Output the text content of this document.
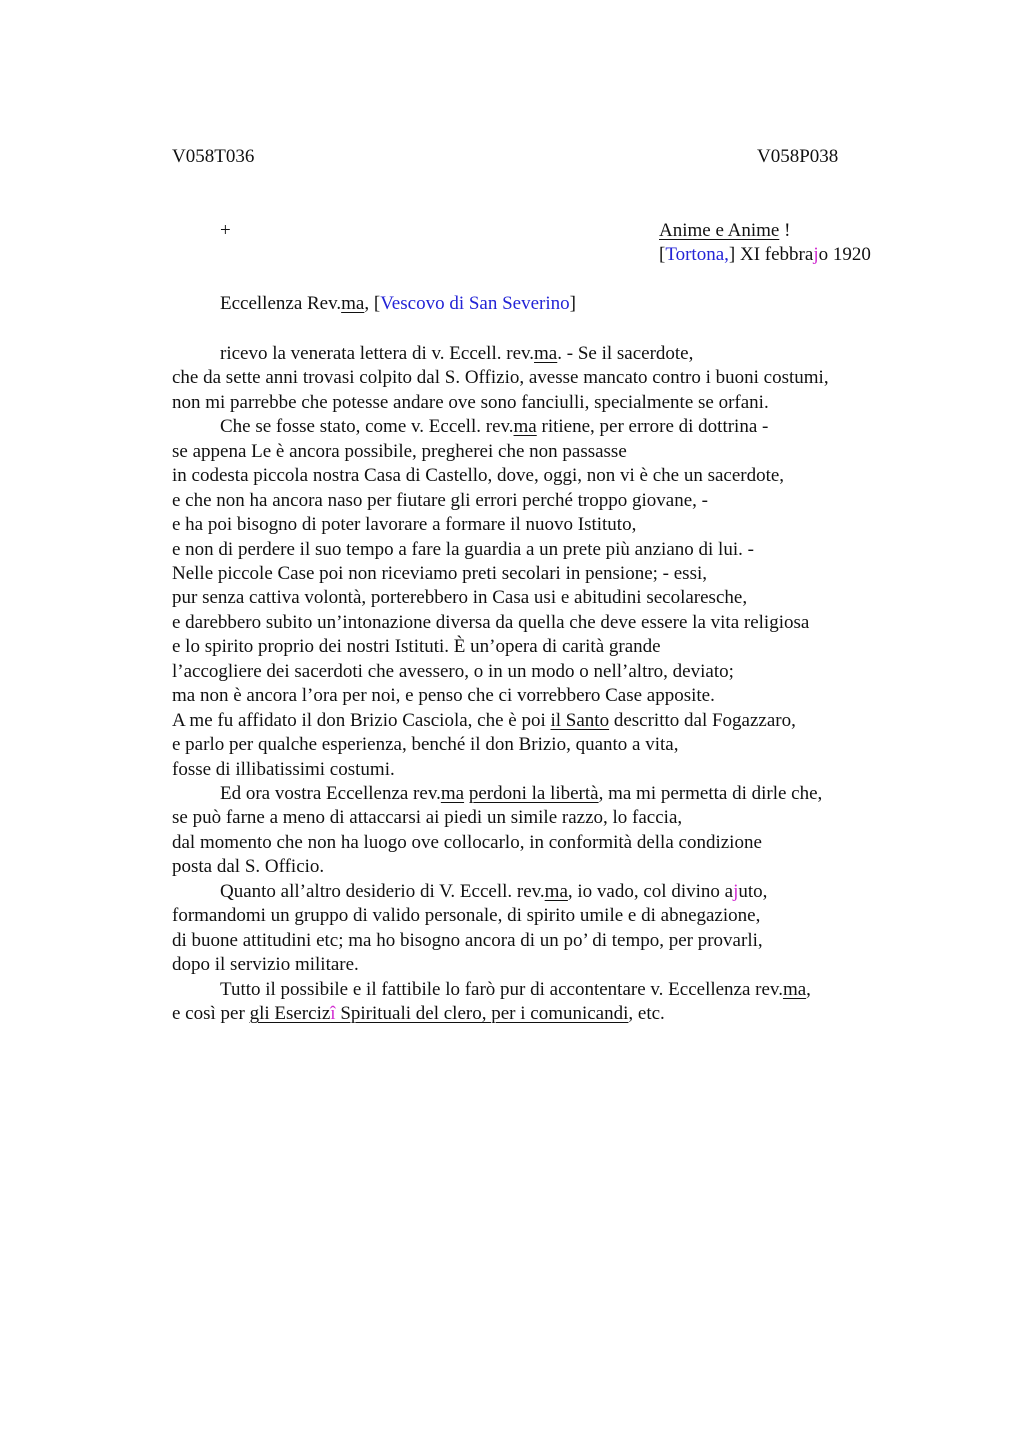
V058T036	V058P038
+	Anime e Anime !
[Tortona,] XI febbrajo 1920
Eccellenza Rev.ma, [Vescovo di San Severino]
ricevo la venerata lettera di v. Eccell. rev.ma. - Se il sacerdote,
che da sette anni trovasi colpito dal S. Offizio, avesse mancato contro i buoni costumi,
non mi parrebbe che potesse andare ove sono fanciulli, specialmente se orfani.
Che se fosse stato, come v. Eccell. rev.ma ritiene, per errore di dottrina -
se appena Le è ancora possibile, pregherei che non passasse
in codesta piccola nostra Casa di Castello, dove, oggi, non vi è che un sacerdote,
e che non ha ancora naso per fiutare gli errori perché troppo giovane, -
e ha poi bisogno di poter lavorare a formare il nuovo Istituto,
e non di perdere il suo tempo a fare la guardia a un prete più anziano di lui. -
Nelle piccole Case poi non riceviamo preti secolari in pensione; - essi,
pur senza cattiva volontà, porterebbero in Casa usi e abitudini secolaresche,
e darebbero subito un’intonazione diversa da quella che deve essere la vita religiosa
e lo spirito proprio dei nostri Istituti. È un’opera di carità grande
l’accogliere dei sacerdoti che avessero, o in un modo o nell’altro, deviato;
ma non è ancora l’ora per noi, e penso che ci vorrebbero Case apposite.
A me fu affidato il don Brizio Casciola, che è poi il Santo descritto dal Fogazzaro,
e parlo per qualche esperienza, benché il don Brizio, quanto a vita,
fosse di illibatissimi costumi.
Ed ora vostra Eccellenza rev.ma perdoni la libertà, ma mi permetta di dirle che,
se può farne a meno di attaccarsi ai piedi un simile razzo, lo faccia,
dal momento che non ha luogo ove collocarlo, in conformità della condizione
posta dal S. Officio.
Quanto all’altro desiderio di V. Eccell. rev.ma, io vado, col divino ajuto,
formandomi un gruppo di valido personale, di spirito umile e di abnegazione,
di buone attitudini etc; ma ho bisogno ancora di un po’ di tempo, per provarli,
dopo il servizio militare.
Tutto il possibile e il fattibile lo farò pur di accontentare v. Eccellenza rev.ma,
e così per gli Esercizî Spirituali del clero, per i comunicandi, etc.
